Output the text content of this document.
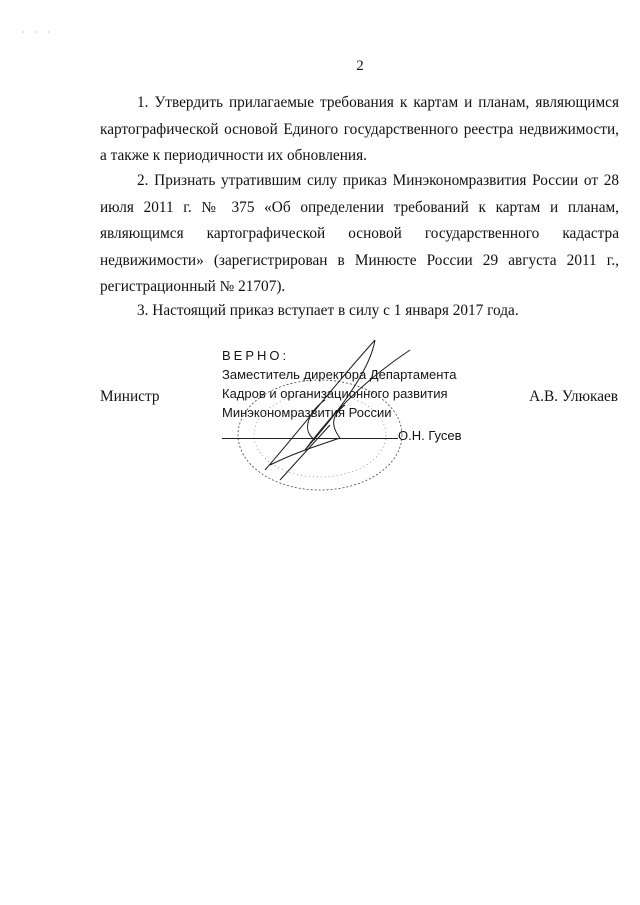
2
1. Утвердить прилагаемые требования к картам и планам, являющимся картографической основой Единого государственного реестра недвижимости, а также к периодичности их обновления.
2. Признать утратившим силу приказ Минэкономразвития России от 28 июля 2011 г. № 375 «Об определении требований к картам и планам, являющимся картографической основой государственного кадастра недвижимости» (зарегистрирован в Минюсте России 29 августа 2011 г., регистрационный № 21707).
3. Настоящий приказ вступает в силу с 1 января 2017 года.
Министр	А.В. Улюкаев
ВЕРНО:
Заместитель директора Департамента
Кадров и организационного развития
Минэкономразвития России
О.Н. Гусев
· · ·
